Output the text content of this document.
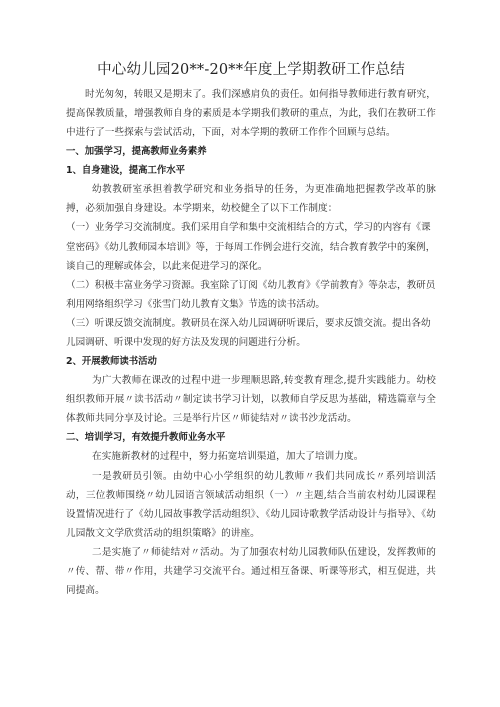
中心幼儿园20**-20**年度上学期教研工作总结

时光匆匆，转眼又是期末了。我们深感肩负的责任。如何指导教师进行教育研究，提高保教质量，增强教师自身的素质是本学期我们教研的重点，为此，我们在教研工作中进行了一些探索与尝试活动，下面，对本学期的教研工作作个回顾与总结。

一、加强学习，提高教师业务素养

1、自身建设，提高工作水平

幼教教研室承担着教学研究和业务指导的任务，为更准确地把握教学改革的脉搏，必须加强自身建设。本学期来，幼校健全了以下工作制度：

（一）业务学习交流制度。我们采用自学和集中交流相结合的方式，学习的内容有《课堂密码》《幼儿教师园本培训》等，于每周工作例会进行交流，结合教育教学中的案例，谈自己的理解或体会，以此来促进学习的深化。

（二）积极丰富业务学习资源。我室除了订阅《幼儿教育》《学前教育》等杂志，教研员利用网络组织学习《张雪门幼儿教育文集》节选的读书活动。

（三）听课反馈交流制度。教研员在深入幼儿园调研听课后，要求反馈交流。提出各幼儿园调研、听课中发现的好方法及发现的问题进行分析。

2、开展教师读书活动

为广大教师在课改的过程中进一步理顺思路,转变教育理念,提升实践能力。幼校组织教师开展〃读书活动〃制定读书学习计划，以教师自学反思为基础，精选篇章与全体教师共同分享及讨论。三是举行片区〃师徒结对〃读书沙龙活动。

二、培训学习，有效提升教师业务水平

在实施新教材的过程中，努力拓宽培训渠道，加大了培训力度。

一是教研员引领。由幼中心小学组织的幼儿教师〃我们共同成长〃系列培训活动，三位教师围绕〃幼儿园语言领域活动组织（一）〃主题,结合当前农村幼儿园课程设置情况进行了《幼儿园故事教学活动组织》、《幼儿园诗歌教学活动设计与指导》、《幼儿园散文文学欣赏活动的组织策略》的讲座。

二是实施了〃师徒结对〃活动。为了加强农村幼儿园教师队伍建设，发挥教师的〃传、帮、带〃作用，共建学习交流平台。通过相互备课、听课等形式，相互促进，共同提高。
